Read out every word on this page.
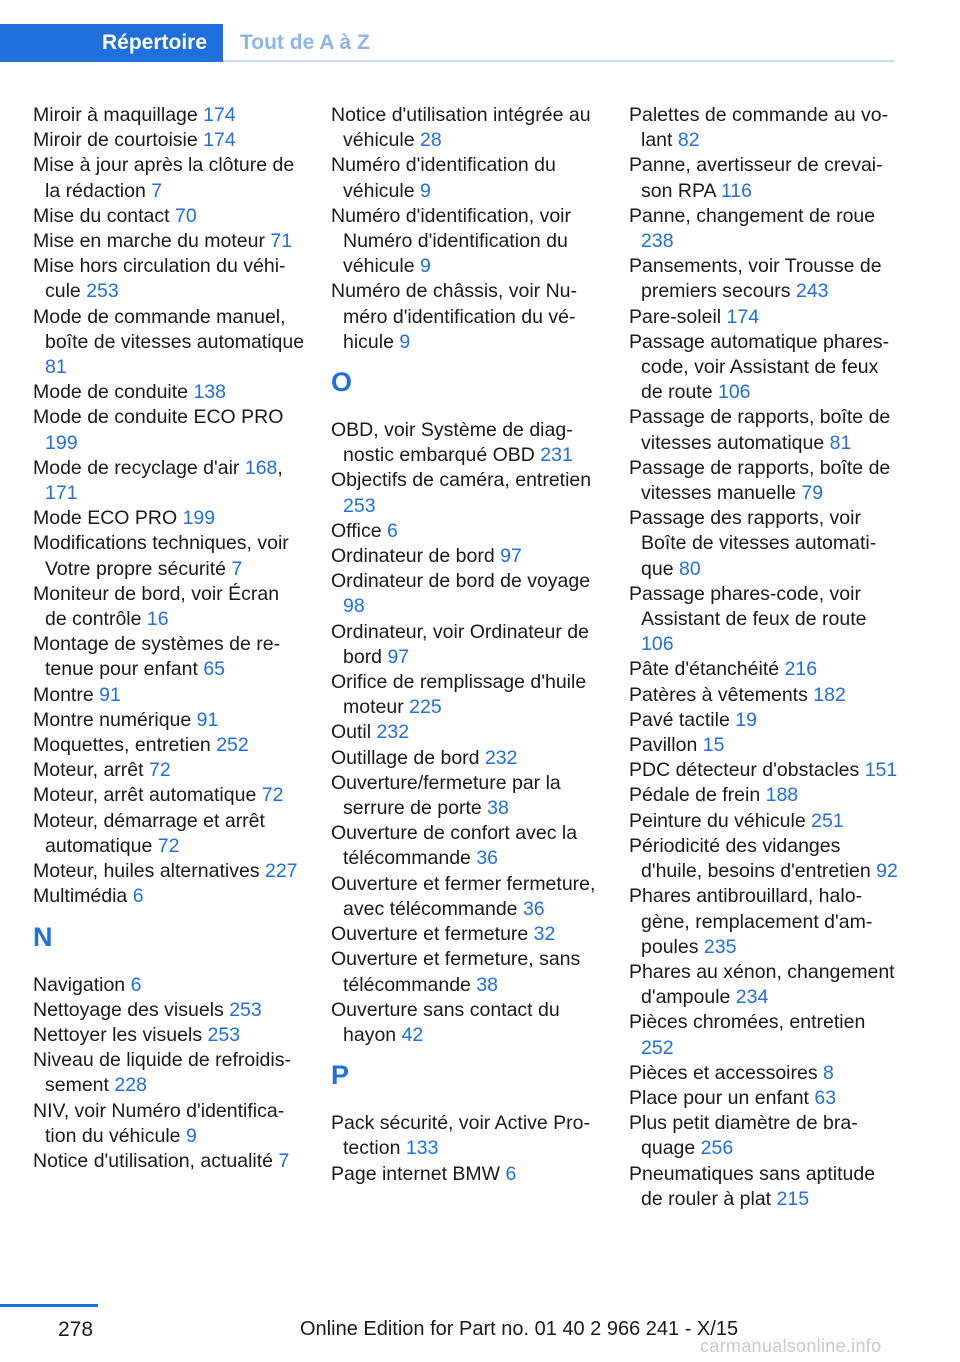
Répertoire	Tout de A à Z
Miroir à maquillage 174
Miroir de courtoisie 174
Mise à jour après la clôture de la rédaction 7
Mise du contact 70
Mise en marche du moteur 71
Mise hors circulation du véhicule 253
Mode de commande manuel, boîte de vitesses automatique 81
Mode de conduite 138
Mode de conduite ECO PRO 199
Mode de recyclage d'air 168, 171
Mode ECO PRO 199
Modifications techniques, voir Votre propre sécurité 7
Moniteur de bord, voir Écran de contrôle 16
Montage de systèmes de retenue pour enfant 65
Montre 91
Montre numérique 91
Moquettes, entretien 252
Moteur, arrêt 72
Moteur, arrêt automatique 72
Moteur, démarrage et arrêt automatique 72
Moteur, huiles alternatives 227
Multimédia 6
N
Navigation 6
Nettoyage des visuels 253
Nettoyer les visuels 253
Niveau de liquide de refroidissement 228
NIV, voir Numéro d'identification du véhicule 9
Notice d'utilisation, actualité 7
Notice d'utilisation intégrée au véhicule 28
Numéro d'identification du véhicule 9
Numéro d'identification, voir Numéro d'identification du véhicule 9
Numéro de châssis, voir Numéro d'identification du véhicule 9
O
OBD, voir Système de diagnostic embarqué OBD 231
Objectifs de caméra, entretien 253
Office 6
Ordinateur de bord 97
Ordinateur de bord de voyage 98
Ordinateur, voir Ordinateur de bord 97
Orifice de remplissage d'huile moteur 225
Outil 232
Outillage de bord 232
Ouverture/fermeture par la serrure de porte 38
Ouverture de confort avec la télécommande 36
Ouverture et fermer fermeture, avec télécommande 36
Ouverture et fermeture 32
Ouverture et fermeture, sans télécommande 38
Ouverture sans contact du hayon 42
P
Pack sécurité, voir Active Protection 133
Page internet BMW 6
Palettes de commande au volant 82
Panne, avertisseur de crevaison RPA 116
Panne, changement de roue 238
Pansements, voir Trousse de premiers secours 243
Pare-soleil 174
Passage automatique phares-code, voir Assistant de feux de route 106
Passage de rapports, boîte de vitesses automatique 81
Passage de rapports, boîte de vitesses manuelle 79
Passage des rapports, voir Boîte de vitesses automatique 80
Passage phares-code, voir Assistant de feux de route 106
Pâte d'étanchéité 216
Patères à vêtements 182
Pavé tactile 19
Pavillon 15
PDC détecteur d'obstacles 151
Pédale de frein 188
Peinture du véhicule 251
Périodicité des vidanges d'huile, besoins d'entretien 92
Phares antibrouillard, halogène, remplacement d'ampoules 235
Phares au xénon, changement d'ampoule 234
Pièces chromées, entretien 252
Pièces et accessoires 8
Place pour un enfant 63
Plus petit diamètre de braquage 256
Pneumatiques sans aptitude de rouler à plat 215
278	Online Edition for Part no. 01 40 2 966 241 - X/15
carmanualsonline.info
